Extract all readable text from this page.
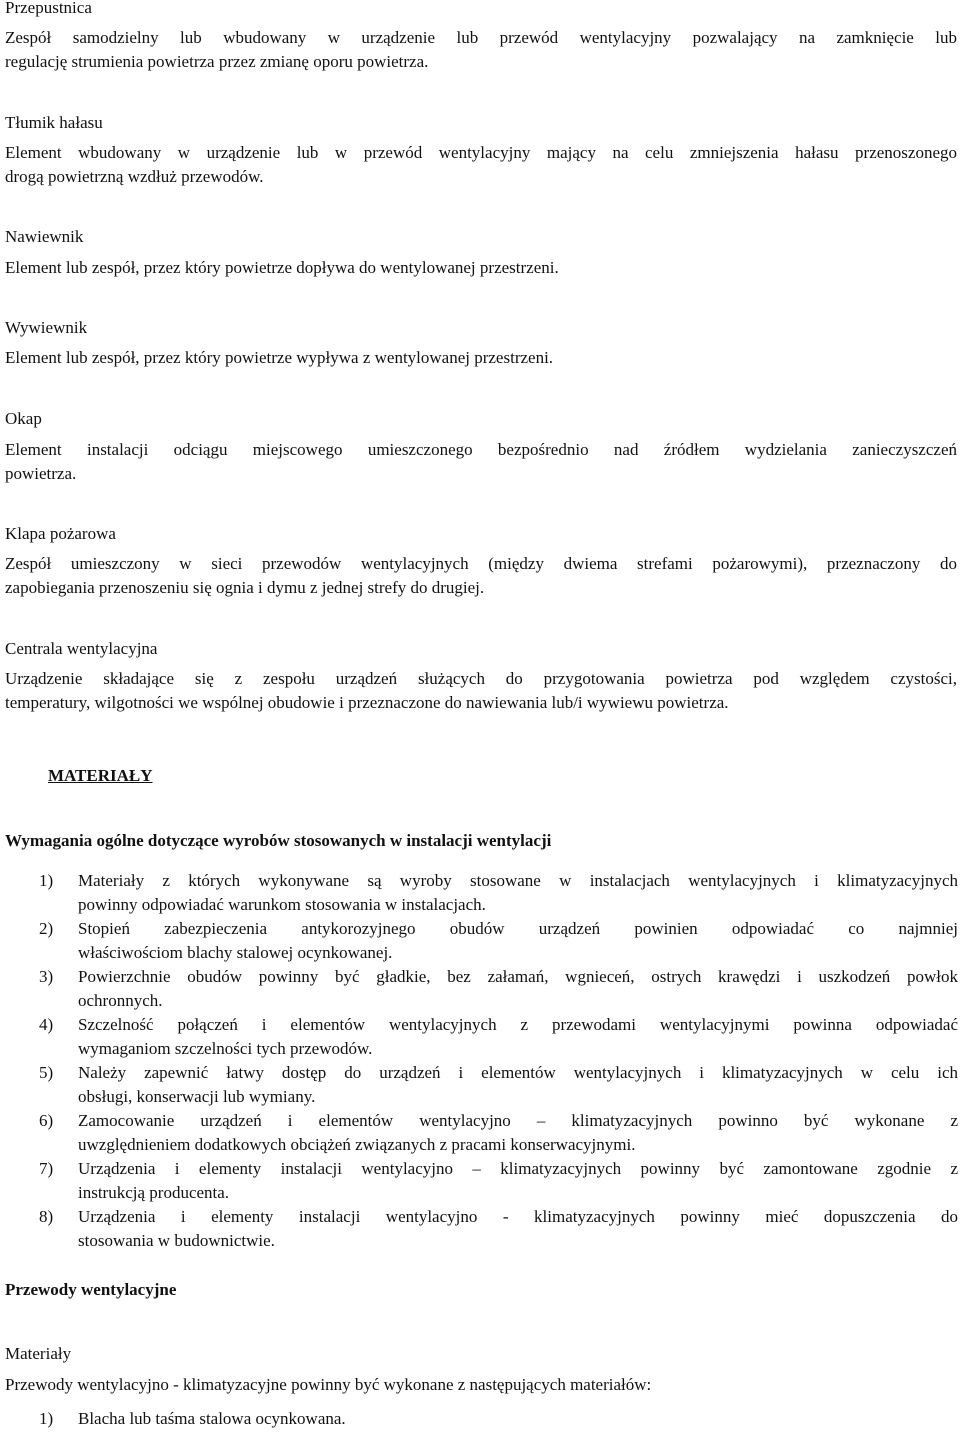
Przepustnica
Zespół samodzielny lub wbudowany w urządzenie lub przewód wentylacyjny pozwalający na zamknięcie lub
regulację strumienia powietrza przez zmianę oporu powietrza.
Tłumik hałasu
Element wbudowany w urządzenie lub w przewód wentylacyjny mający na celu zmniejszenia hałasu przenoszonego
drogą powietrzną wzdłuż przewodów.
Nawiewnik
Element lub zespół, przez który powietrze dopływa do wentylowanej przestrzeni.
Wywiewnik
Element lub zespół, przez który powietrze wypływa z wentylowanej przestrzeni.
Okap
Element instalacji odciągu miejscowego umieszczonego bezpośrednio nad źródłem wydzielania zanieczyszczeń
powietrza.
Klapa pożarowa
Zespół umieszczony w sieci przewodów wentylacyjnych (między dwiema strefami pożarowymi), przeznaczony do
zapobiegania przenoszeniu się ognia i dymu z jednej strefy do drugiej.
Centrala wentylacyjna
Urządzenie składające się z zespołu urządzeń służących do przygotowania powietrza pod względem czystości,
temperatury, wilgotności we wspólnej obudowie i przeznaczone do nawiewania lub/i wywiewu powietrza.
MATERIAŁY
Wymagania ogólne dotyczące wyrobów stosowanych w instalacji wentylacji
1) Materiały z których wykonywane są wyroby stosowane w instalacjach wentylacyjnych i klimatyzacyjnych
powinny odpowiadać warunkom stosowania w instalacjach.
2) Stopień zabezpieczenia antykorozyjnego obudów urządzeń powinien odpowiadać co najmniej
właściwościom blachy stalowej ocynkowanej.
3) Powierzchnie obudów powinny być gładkie, bez załamań, wgnieceń, ostrych krawędzi i uszkodzeń powłok
ochronnych.
4) Szczelność połączeń i elementów wentylacyjnych z przewodami wentylacyjnymi powinna odpowiadać
wymaganiom szczelności tych przewodów.
5) Należy zapewnić łatwy dostęp do urządzeń i elementów wentylacyjnych i klimatyzacyjnych w celu ich
obsługi, konserwacji lub wymiany.
6) Zamocowanie urządzeń i elementów wentylacyjno – klimatyzacyjnych powinno być wykonane z
uwzględnieniem dodatkowych obciążeń związanych z pracami konserwacyjnymi.
7) Urządzenia i elementy instalacji wentylacyjno – klimatyzacyjnych powinny być zamontowane zgodnie z
instrukcją producenta.
8) Urządzenia i elementy instalacji wentylacyjno - klimatyzacyjnych powinny mieć dopuszczenia do
stosowania w budownictwie.
Przewody wentylacyjne
Materiały
Przewody wentylacyjno - klimatyzacyjne powinny być wykonane z następujących materiałów:
1) Blacha lub taśma stalowa ocynkowana.
